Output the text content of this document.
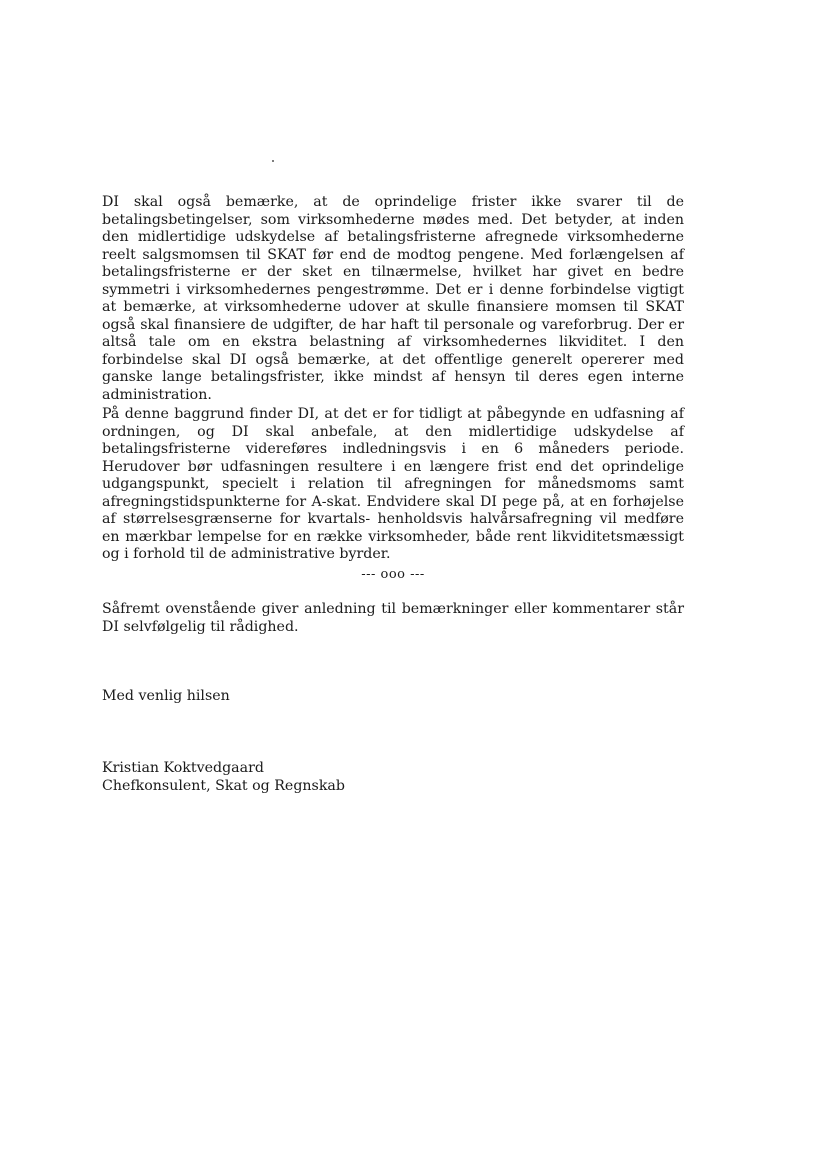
DI skal også bemærke, at de oprindelige frister ikke svarer til de betalingsbetingelser, som virksomhederne mødes med. Det betyder, at inden den midlertidige udskydelse af betalingsfristerne afregnede virksomhederne reelt salgsmomsen til SKAT før end de modtog pengene. Med forlængelsen af betalingsfristerne er der sket en tilnærmelse, hvilket har givet en bedre symmetri i virksomhedernes pengestrømme. Det er i denne forbindelse vigtigt at bemærke, at virksomhederne udover at skulle finansiere momsen til SKAT også skal finansiere de udgifter, de har haft til personale og vareforbrug. Der er altså tale om en ekstra belastning af virksomhedernes likviditet. I den forbindelse skal DI også bemærke, at det offentlige generelt opererer med ganske lange betalingsfrister, ikke mindst af hensyn til deres egen interne administration.

På denne baggrund finder DI, at det er for tidligt at påbegynde en udfasning af ordningen, og DI skal anbefale, at den midlertidige udskydelse af betalingsfristerne videreføres indledningsvis i en 6 måneders periode. Herudover bør udfasningen resultere i en længere frist end det oprindelige udgangspunkt, specielt i relation til afregningen for månedsmoms samt afregningstidspunkterne for A-skat. Endvidere skal DI pege på, at en forhøjelse af størrelsesgrænserne for kvartals- henholdsvis halvårsafregning vil medføre en mærkbar lempelse for en række virksomheder, både rent likviditetsmæssigt og i forhold til de administrative byrder.

--- ooo ---

Såfremt ovenstående giver anledning til bemærkninger eller kommentarer står DI selvfølgelig til rådighed.

Med venlig hilsen
Kristian Koktvedgaard
Chefkonsulent, Skat og Regnskab
